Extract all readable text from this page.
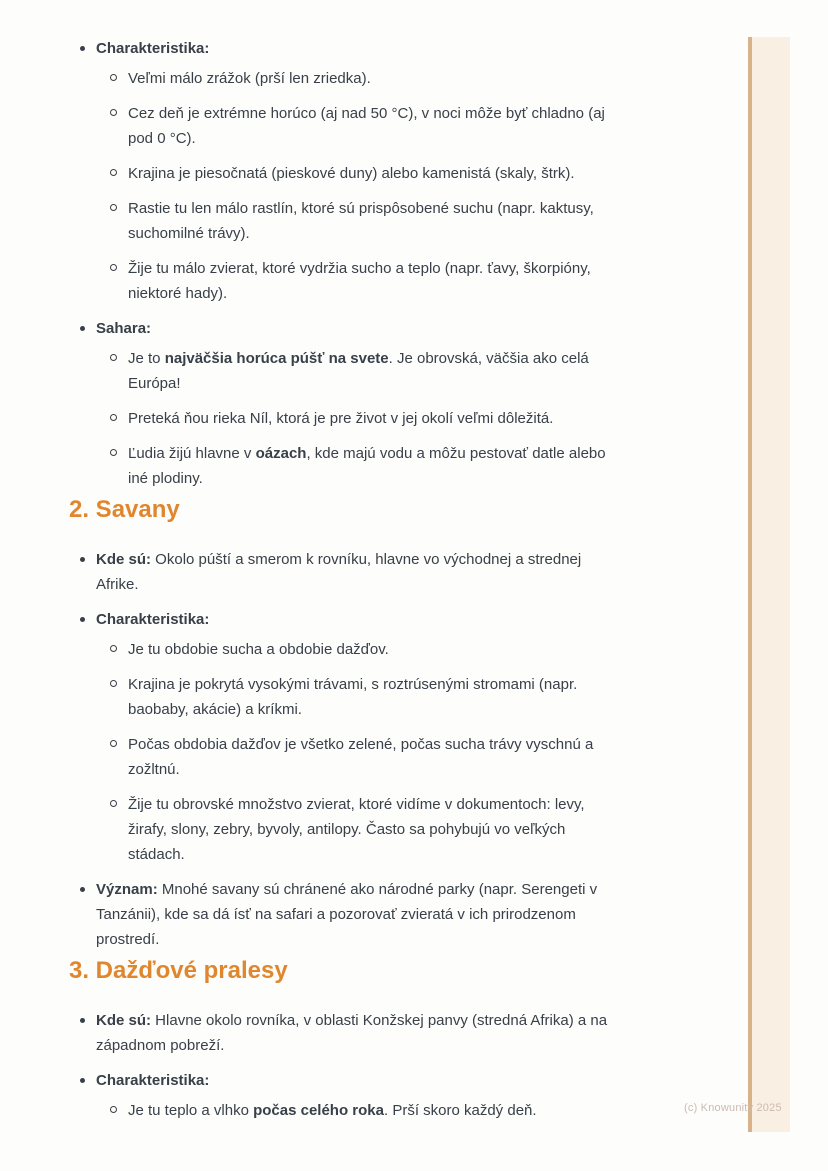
(c) Knowunity 2025
Charakteristika:
Veľmi málo zrážok (prší len zriedka).
Cez deň je extrémne horúco (aj nad 50 °C), v noci môže byť chladno (aj pod 0 °C).
Krajina je piesočnatá (pieskové duny) alebo kamenistá (skaly, štrk).
Rastie tu len málo rastlín, ktoré sú prispôsobené suchu (napr. kaktusy, suchomilné trávy).
Žije tu málo zvierat, ktoré vydržia sucho a teplo (napr. ťavy, škorpióny, niektoré hady).
Sahara:
Je to najväčšia horúca púšť na svete. Je obrovská, väčšia ako celá Európa!
Preteká ňou rieka Níl, ktorá je pre život v jej okolí veľmi dôležitá.
Ľudia žijú hlavne v oázach, kde majú vodu a môžu pestovať datle alebo iné plodiny.
2. Savany
Kde sú: Okolo púští a smerom k rovníku, hlavne vo východnej a strednej Afrike.
Charakteristika:
Je tu obdobie sucha a obdobie dažďov.
Krajina je pokrytá vysokými trávami, s roztrúsenými stromami (napr. baobaby, akácie) a kríkmi.
Počas obdobia dažďov je všetko zelené, počas sucha trávy vyschnú a zožltnú.
Žije tu obrovské množstvo zvierat, ktoré vidíme v dokumentoch: levy, žirafy, slony, zebry, byvoly, antilopy. Často sa pohybujú vo veľkých stádach.
Význam: Mnohé savany sú chránené ako národné parky (napr. Serengeti v Tanzánii), kde sa dá ísť na safari a pozorovať zvieratá v ich prirodzenom prostredí.
3. Dažďové pralesy
Kde sú: Hlavne okolo rovníka, v oblasti Konžskej panvy (stredná Afrika) a na západnom pobreží.
Charakteristika:
Je tu teplo a vlhko počas celého roka. Prší skoro každý deň.
